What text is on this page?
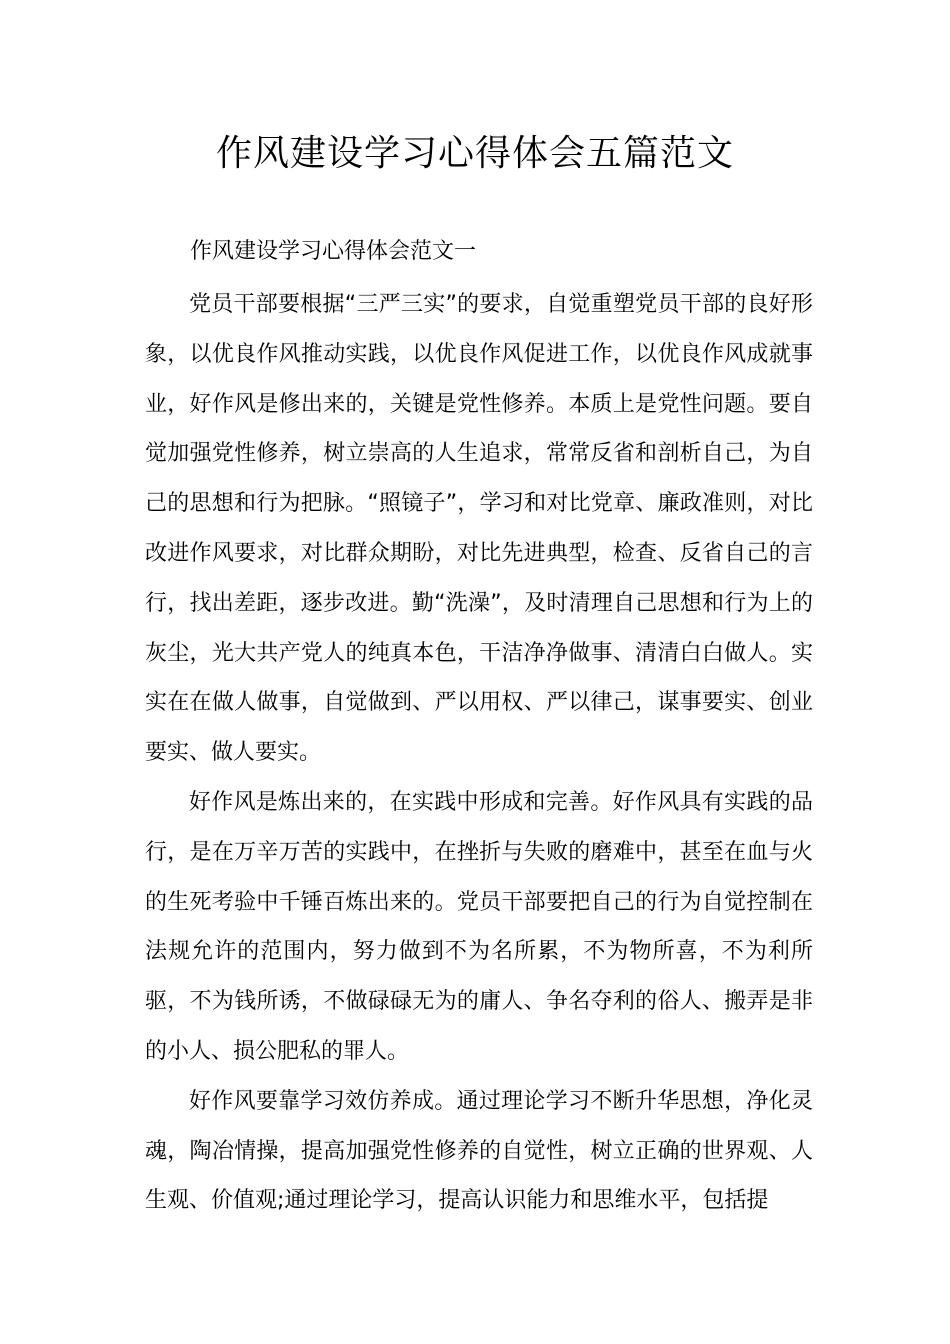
作风建设学习心得体会五篇范文

作风建设学习心得体会范文一

党员干部要根据“三严三实”的要求，自觉重塑党员干部的良好形象，以优良作风推动实践，以优良作风促进工作，以优良作风成就事业，好作风是修出来的，关键是党性修养。本质上是党性问题。要自觉加强党性修养，树立崇高的人生追求，常常反省和剖析自己，为自己的思想和行为把脉。“照镜子”，学习和对比党章、廉政准则，对比改进作风要求，对比群众期盼，对比先进典型，检查、反省自己的言行，找出差距，逐步改进。勤“洗澡”，及时清理自己思想和行为上的灰尘，光大共产党人的纯真本色，干洁净净做事、清清白白做人。实实在在做人做事，自觉做到、严以用权、严以律己，谋事要实、创业要实、做人要实。

好作风是炼出来的，在实践中形成和完善。好作风具有实践的品行，是在万辛万苦的实践中，在挫折与失败的磨难中，甚至在血与火的生死考验中千锤百炼出来的。党员干部要把自己的行为自觉控制在法规允许的范围内，努力做到不为名所累，不为物所喜，不为利所驱，不为钱所诱，不做碌碌无为的庸人、争名夺利的俗人、搬弄是非的小人、损公肥私的罪人。

好作风要靠学习效仿养成。通过理论学习不断升华思想，净化灵魂，陶冶情操，提高加强党性修养的自觉性，树立正确的世界观、人生观、价值观;通过理论学习，提高认识能力和思维水平，包括提
